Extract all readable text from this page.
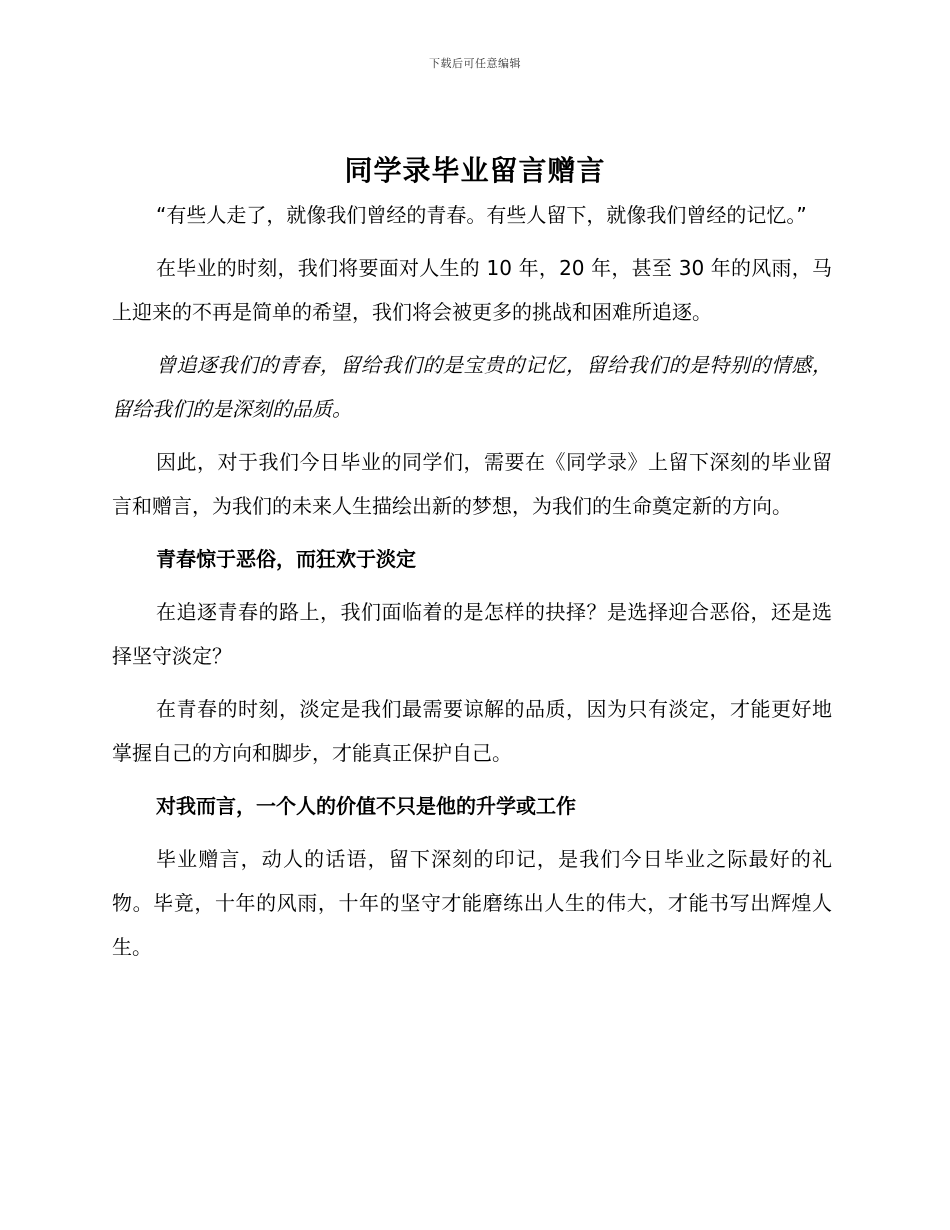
下载后可任意编辑
同学录毕业留言赠言

“有些人走了，就像我们曾经的青春。有些人留下，就像我们曾经的记忆。”

在毕业的时刻，我们将要面对人生的 10 年，20 年，甚至 30 年的风雨，马上迎来的不再是简单的希望，我们将会被更多的挑战和困难所追逐。

曾追逐我们的青春，留给我们的是宝贵的记忆，留给我们的是特别的情感，留给我们的是深刻的品质。

因此，对于我们今日毕业的同学们，需要在《同学录》上留下深刻的毕业留言和赠言，为我们的未来人生描绘出新的梦想，为我们的生命奠定新的方向。

青春惊于恶俗，而狂欢于淡定

在追逐青春的路上，我们面临着的是怎样的抉择？是选择迎合恶俗，还是选择坚守淡定？

在青春的时刻，淡定是我们最需要谅解的品质，因为只有淡定，才能更好地掌握自己的方向和脚步，才能真正保护自己。

对我而言，一个人的价值不只是他的升学或工作

毕业赠言，动人的话语，留下深刻的印记，是我们今日毕业之际最好的礼物。毕竟，十年的风雨，十年的坚守才能磨练出人生的伟大，才能书写出辉煌人生。
